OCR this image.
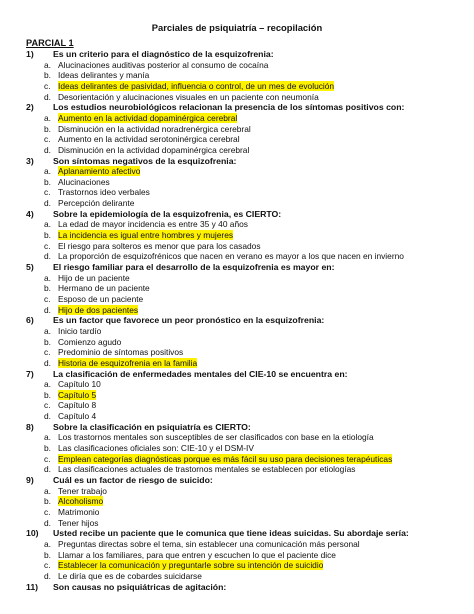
Parciales de psiquiatría – recopilación
PARCIAL 1
1) Es un criterio para el diagnóstico de la esquizofrenia:
a. Alucinaciones auditivas posterior al consumo de cocaína
b. Ideas delirantes y manía
c. Ideas delirantes de pasividad, influencia o control, de un mes de evolución
d. Desorientación y alucinaciones visuales en un paciente con neumonía
2) Los estudios neurobiológicos relacionan la presencia de los síntomas positivos con:
a. Aumento en la actividad dopaminérgica cerebral
b. Disminución en la actividad noradrenérgica cerebral
c. Aumento en la actividad serotoninérgica cerebral
d. Disminución en la actividad dopaminérgica cerebral
3) Son síntomas negativos de la esquizofrenia:
a. Aplanamiento afectivo
b. Alucinaciones
c. Trastornos ideo verbales
d. Percepción delirante
4) Sobre la epidemiología de la esquizofrenia, es CIERTO:
a. La edad de mayor incidencia es entre 35 y 40 años
b. La incidencia es igual entre hombres y mujeres
c. El riesgo para solteros es menor que para los casados
d. La proporción de esquizofrénicos que nacen en verano es mayor a los que nacen en invierno
5) El riesgo familiar para el desarrollo de la esquizofrenia es mayor en:
a. Hijo de un paciente
b. Hermano de un paciente
c. Esposo de un paciente
d. Hijo de dos pacientes
6) Es un factor que favorece un peor pronóstico en la esquizofrenia:
a. Inicio tardío
b. Comienzo agudo
c. Predominio de síntomas positivos
d. Historia de esquizofrenia en la familia
7) La clasificación de enfermedades mentales del CIE-10 se encuentra en:
a. Capítulo 10
b. Capítulo 5
c. Capítulo 8
d. Capítulo 4
8) Sobre la clasificación en psiquiatría es CIERTO:
a. Los trastornos mentales son susceptibles de ser clasificados con base en la etiología
b. Las clasificaciones oficiales son: CIE-10 y el DSM-IV
c. Emplean categorías diagnósticas porque es más fácil su uso para decisiones terapéuticas
d. Las clasificaciones actuales de trastornos mentales se establecen por etiologías
9) Cuál es un factor de riesgo de suicido:
a. Tener trabajo
b. Alcoholismo
c. Matrimonio
d. Tener hijos
10) Usted recibe un paciente que le comunica que tiene ideas suicidas. Su abordaje sería:
a. Preguntas directas sobre el tema, sin establecer una comunicación más personal
b. Llamar a los familiares, para que entren y escuchen lo que el paciente dice
c. Establecer la comunicación y preguntarle sobre su intención de suicidio
d. Le diría que es de cobardes suicidarse
11) Son causas no psiquiátricas de agitación:
